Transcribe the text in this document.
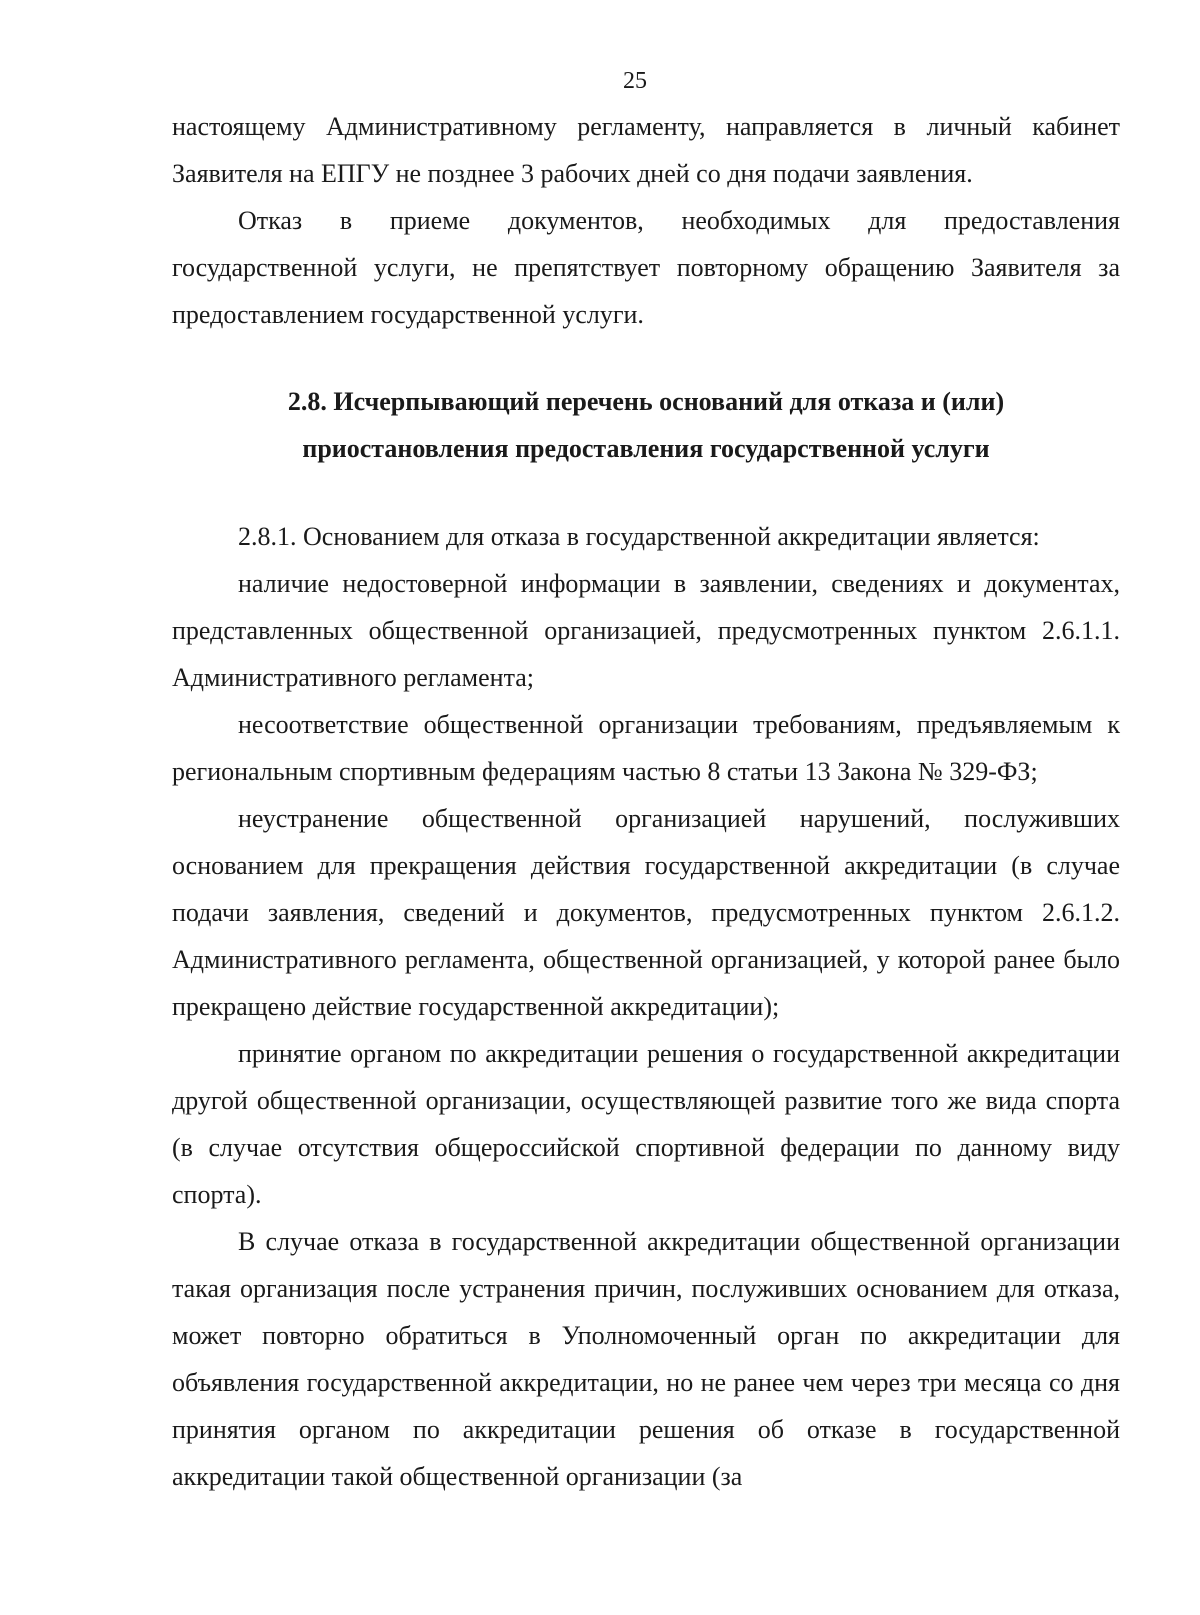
25

настоящему Административному регламенту, направляется в личный кабинет Заявителя на ЕПГУ не позднее 3 рабочих дней со дня подачи заявления.

Отказ в приеме документов, необходимых для предоставления государственной услуги, не препятствует повторному обращению Заявителя за предоставлением государственной услуги.

2.8. Исчерпывающий перечень оснований для отказа и (или)
приостановления предоставления государственной услуги

2.8.1. Основанием для отказа в государственной аккредитации является:

наличие недостоверной информации в заявлении, сведениях и документах, представленных общественной организацией, предусмотренных пунктом 2.6.1.1. Административного регламента;

несоответствие общественной организации требованиям, предъявляемым к региональным спортивным федерациям частью 8 статьи 13 Закона № 329-ФЗ;

неустранение общественной организацией нарушений, послуживших основанием для прекращения действия государственной аккредитации (в случае подачи заявления, сведений и документов, предусмотренных пунктом 2.6.1.2. Административного регламента, общественной организацией, у которой ранее было прекращено действие государственной аккредитации);

принятие органом по аккредитации решения о государственной аккредитации другой общественной организации, осуществляющей развитие того же вида спорта (в случае отсутствия общероссийской спортивной федерации по данному виду спорта).

В случае отказа в государственной аккредитации общественной организации такая организация после устранения причин, послуживших основанием для отказа, может повторно обратиться в Уполномоченный орган по аккредитации для объявления государственной аккредитации, но не ранее чем через три месяца со дня принятия органом по аккредитации решения об отказе в государственной аккредитации такой общественной организации (за
